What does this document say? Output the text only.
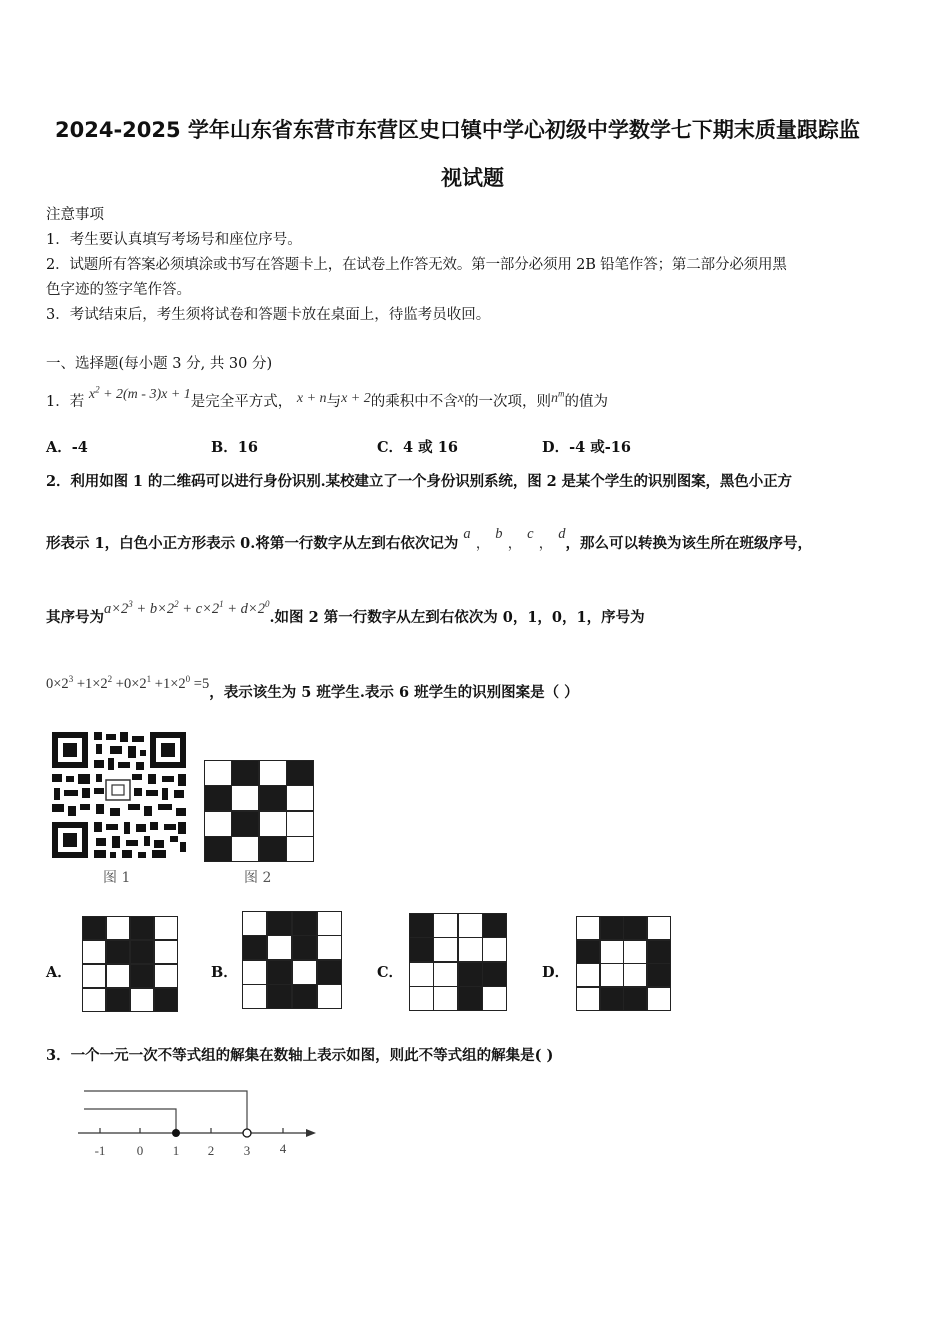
2024-2025 学年山东省东营市东营区史口镇中学心初级中学数学七下期末质量跟踪监
视试题
注意事项
1．考生要认真填写考场号和座位序号。
2．试题所有答案必须填涂或书写在答题卡上，在试卷上作答无效。第一部分必须用 2B 铅笔作答；第二部分必须用黑
色字迹的签字笔作答。
3．考试结束后，考生须将试卷和答题卡放在桌面上，待监考员收回。
一、选择题(每小题 3 分, 共 30 分)
1．若 $x^2 + 2(m - 3)x + 1$是完全平方式， x + n与x + 2的乘积中不含x的一次项，则$n^m$的值为
A．-4	B．16	C．4 或 16	D．-4 或-16
2．利用如图 1 的二维码可以进行身份识别.某校建立了一个身份识别系统，图 2 是某个学生的识别图案，黑色小正方
形表示 1，白色小正方形表示 0.将第一行数字从左到右依次记为 a ， b ， c ， d，那么可以转换为该生所在班级序号，
其序号为$a\times 2^3 + b\times 2^2 + c\times 2^1 + d\times 2^0$.如图 2 第一行数字从左到右依次为 0，1，0，1，序号为
$0\times 2^3 +1\times 2^2 +0\times 2^1 +1\times 2^0 =5$，表示该生为 5 班学生.表示 6 班学生的识别图案是（ ）
图 1	图 2
A．	B．	C．	D．
3．一个一元一次不等式组的解集在数轴上表示如图，则此不等式组的解集是( )
-1 0 1 2 3 4
